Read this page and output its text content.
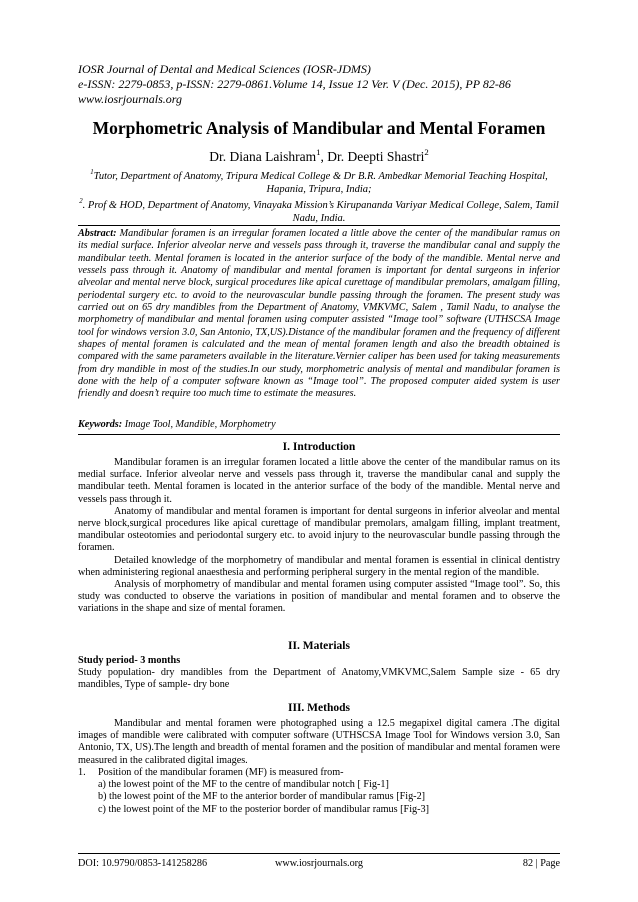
IOSR Journal of Dental and Medical Sciences (IOSR-JDMS)
e-ISSN: 2279-0853, p-ISSN: 2279-0861.Volume 14, Issue 12 Ver. V (Dec. 2015), PP 82-86
www.iosrjournals.org
Morphometric Analysis of Mandibular and Mental Foramen
Dr. Diana Laishram$^1$, Dr. Deepti Shastri$^2$
$^1$Tutor, Department of Anatomy, Tripura Medical College & Dr B.R. Ambedkar Memorial Teaching Hospital, Hapania, Tripura, India;
$^2$. Prof & HOD, Department of Anatomy, Vinayaka Mission’s Kirupananda Variyar Medical College, Salem, Tamil Nadu, India.
Abstract: Mandibular foramen is an irregular foramen located a little above the center of the mandibular ramus on its medial surface. Inferior alveolar nerve and vessels pass through it, traverse the mandibular canal and supply the mandibular teeth. Mental foramen is located in the anterior surface of the body of the mandible. Mental nerve and vessels pass through it. Anatomy of mandibular and mental foramen is important for dental surgeons in inferior alveolar and mental nerve block, surgical procedures like apical curettage of mandibular premolars, amalgam filling, periodental surgery etc. to avoid to the neurovascular bundle passing through the foramen. The present study was carried out on 65 dry mandibles from the Department of Anatomy, VMKVMC, Salem , Tamil Nadu, to analyse the morphometry of mandibular and mental foramen using computer assisted “Image tool” software (UTHSCSA Image tool for windows version 3.0, San Antonio, TX,US).Distance of the mandibular foramen and the frequency of different shapes of mental foramen is calculated and the mean of mental foramen length and also the breadth obtained is compared with the same parameters available in the literature.Vernier caliper has been used for taking measurements from dry mandible in most of the studies.In our study, morphometric analysis of mental and mandibular foramen is done with the help of a computer software known as “Image tool”. The proposed computer aided system is user friendly and doesn’t require too much time to estimate the measures.
Keywords: Image Tool, Mandible, Morphometry
I. Introduction

Mandibular foramen is an irregular foramen located a little above the center of the mandibular ramus on its medial surface. Inferior alveolar nerve and vessels pass through it, traverse the mandibular canal and supply the mandibular teeth. Mental foramen is located in the anterior surface of the body of the mandible. Mental nerve and vessels pass through it.

Anatomy of mandibular and mental foramen is important for dental surgeons in inferior alveolar and mental nerve block,surgical procedures like apical curettage of mandibular premolars, amalgam filling, implant treatment, mandibular osteotomies and periodontal surgery etc. to avoid injury to the neurovascular bundle passing through the foramen.

Detailed knowledge of the morphometry of mandibular and mental foramen is essential in clinical dentistry when administering regional anaesthesia and performing peripheral surgery in the mental region of the mandible.

Analysis of morphometry of mandibular and mental foramen using computer assisted “Image tool”. So, this study was conducted to observe the variations in position of mandibular and mental foramen and to observe the variations in the shape and size of mental foramen.

II. Materials

Study period- 3 months

Study population- dry mandibles from the Department of Anatomy,VMKVMC,Salem Sample size - 65 dry mandibles, Type of sample- dry bone

III. Methods

Mandibular and mental foramen were photographed using a 12.5 megapixel digital camera .The digital images of mandible were calibrated with computer software (UTHSCSA Image Tool for Windows version 3.0, San Antonio, TX, US).The length and breadth of mental foramen and the position of mandibular and mental foramen were measured in the calibrated digital images.

1. Position of the mandibular foramen (MF) is measured from-
a) the lowest point of the MF to the centre of mandibular notch [ Fig-1]
b) the lowest point of the MF to the anterior border of mandibular ramus [Fig-2]
c) the lowest point of the MF to the posterior border of mandibular ramus [Fig-3]
DOI: 10.9790/0853-141258286	www.iosrjournals.org	82 | Page
